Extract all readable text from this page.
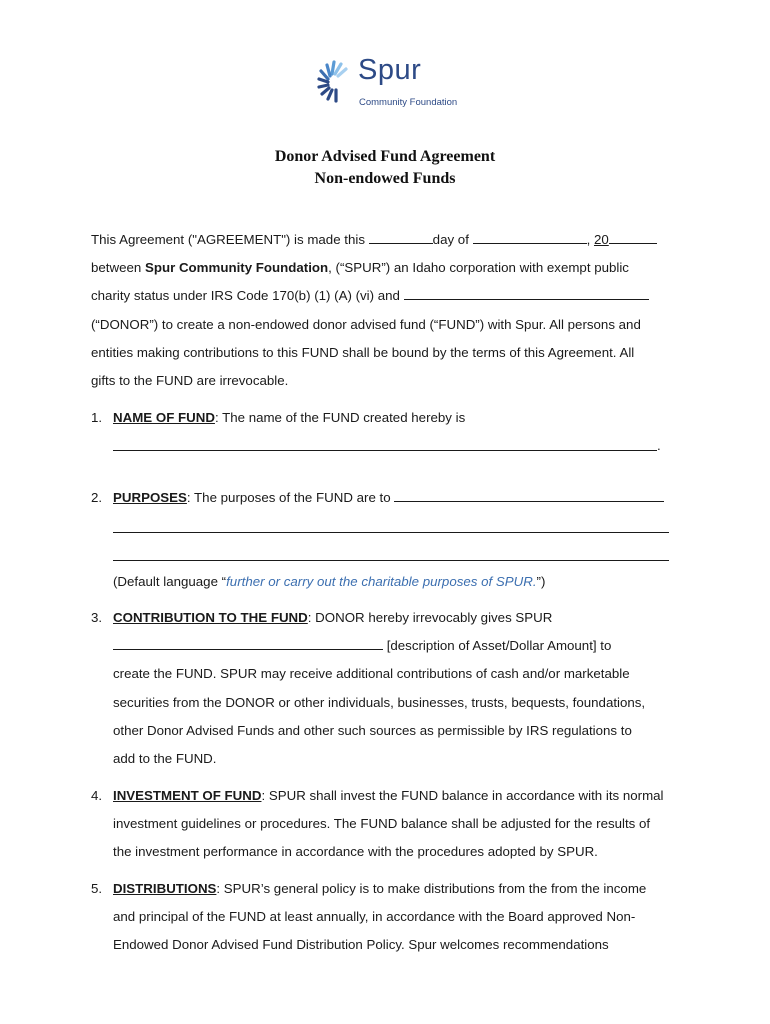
Spur
Community Foundation
Donor Advised Fund Agreement
Non-endowed Funds
This Agreement ("AGREEMENT") is made this	day of	, 20
between Spur Community Foundation, (“SPUR”) an Idaho corporation with exempt public
charity status under IRS Code 170(b) (1) (A) (vi) and
(“DONOR”) to create a non-endowed donor advised fund (“FUND”) with Spur. All persons and
entities making contributions to this FUND shall be bound by the terms of this Agreement. All
gifts to the FUND are irrevocable.
1. NAME OF FUND: The name of the FUND created hereby is
.
2. PURPOSES: The purposes of the FUND are to
(Default language “further or carry out the charitable purposes of SPUR.”)
3. CONTRIBUTION TO THE FUND: DONOR hereby irrevocably gives SPUR
[description of Asset/Dollar Amount] to
create the FUND. SPUR may receive additional contributions of cash and/or marketable
securities from the DONOR or other individuals, businesses, trusts, bequests, foundations,
other Donor Advised Funds and other such sources as permissible by IRS regulations to
add to the FUND.
4. INVESTMENT OF FUND: SPUR shall invest the FUND balance in accordance with its normal
investment guidelines or procedures. The FUND balance shall be adjusted for the results of
the investment performance in accordance with the procedures adopted by SPUR.
5. DISTRIBUTIONS: SPUR’s general policy is to make distributions from the from the income
and principal of the FUND at least annually, in accordance with the Board approved Non-
Endowed Donor Advised Fund Distribution Policy. Spur welcomes recommendations
